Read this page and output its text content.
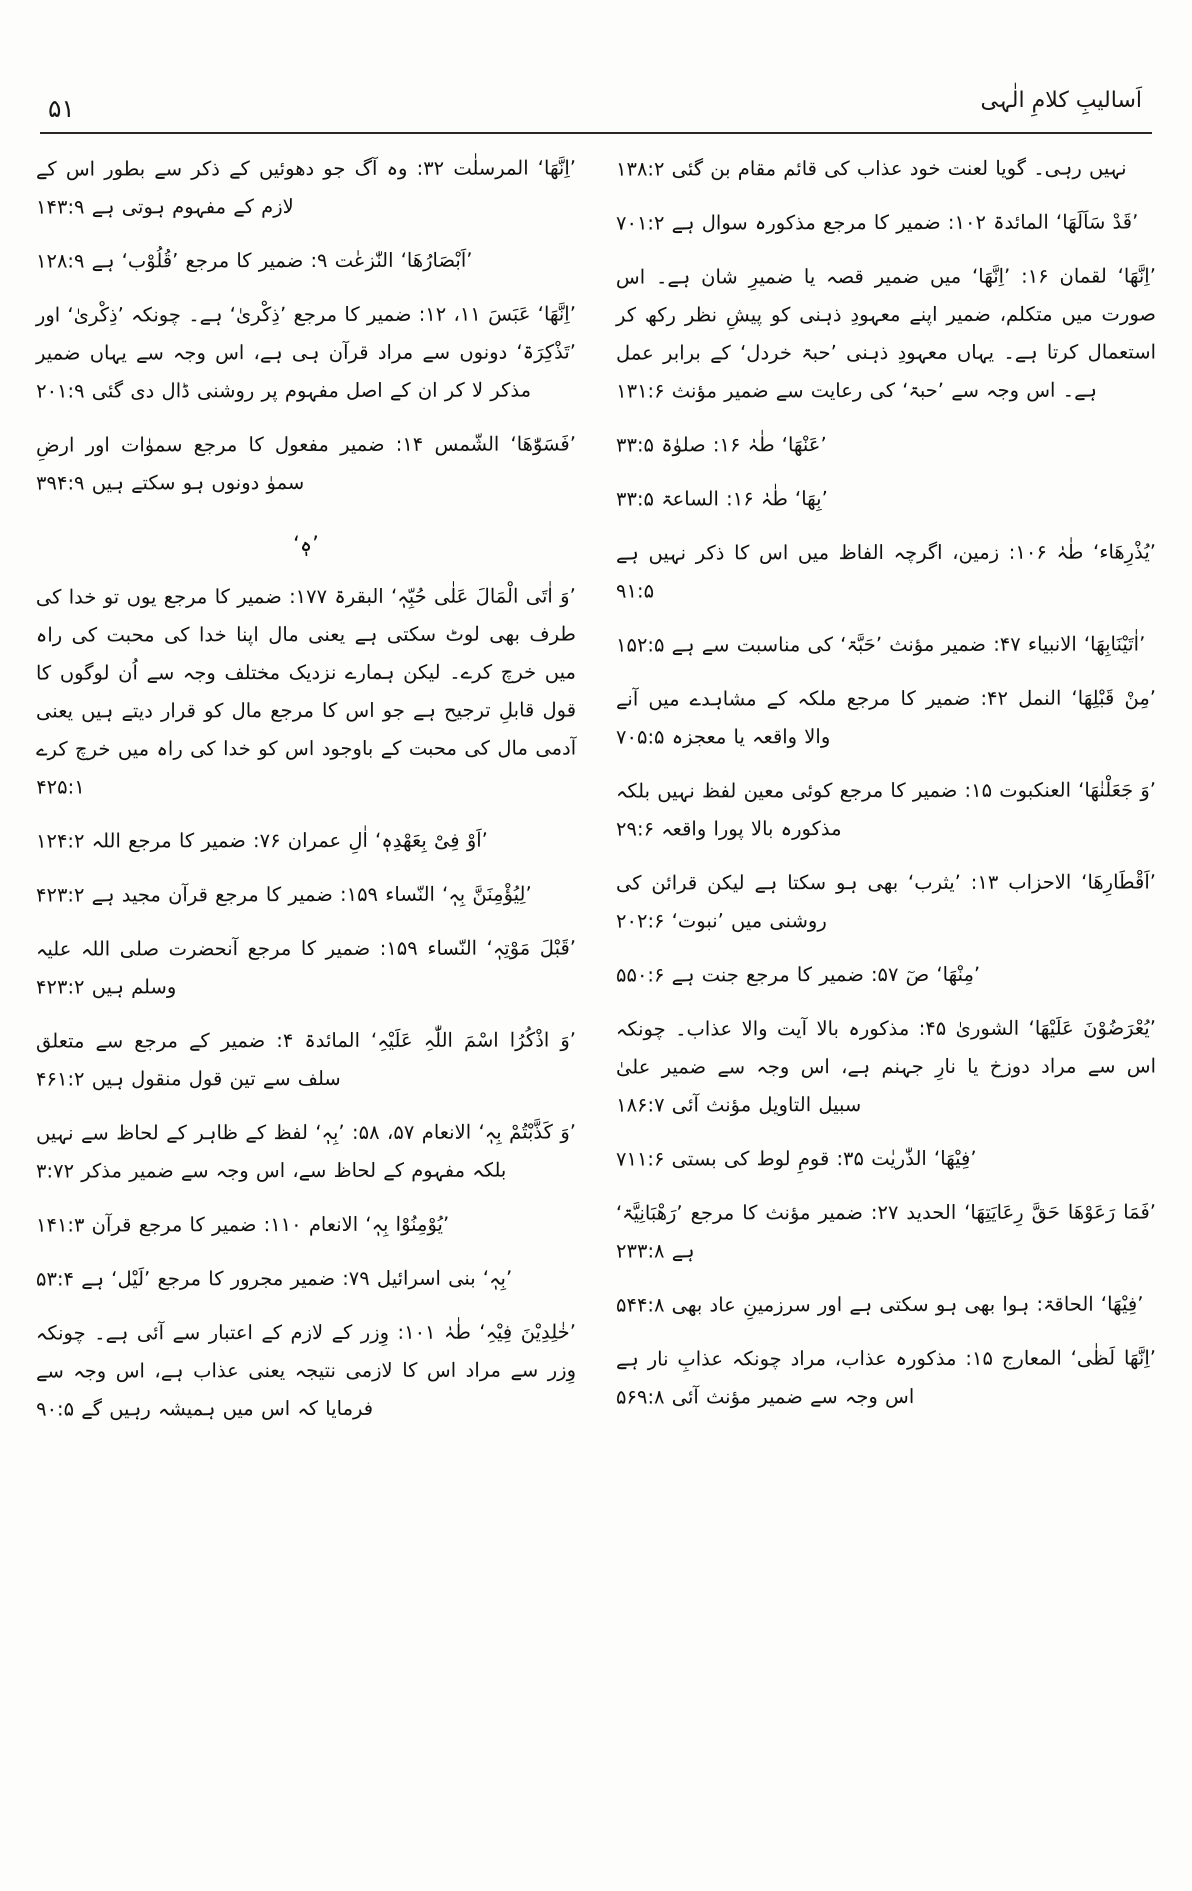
۵۱	اَسالیبِ کلامِ الٰہی

نہیں رہی۔ گویا لعنت خود عذاب کی قائم مقام بن گئی ۱۳۸:۲

’قَدْ سَاَلَھَا‘ المائدۃ ۱۰۲: ضمیر کا مرجع مذکورہ سوال ہے ۷۰۱:۲

’اِنَّھَا‘ لقمان ۱۶: ’اِنَّھَا‘ میں ضمیر قصہ یا ضمیرِ شان ہے۔ اس صورت میں متکلم، ضمیر اپنے معہودِ ذہنی کو پیشِ نظر رکھ کر استعمال کرتا ہے۔ یہاں معہودِ ذہنی ’حبۃ خردل‘ کے برابر عمل ہے۔ اس وجہ سے ’حبۃ‘ کی رعایت سے ضمیر مؤنث ۱۳۱:۶

’عَنْھَا‘ طٰہٰ ۱۶: صلوٰۃ ۳۳:۵

’بِھَا‘ طٰہٰ ۱۶: الساعۃ ۳۳:۵

’یُذْرِھَاء‘ طٰہٰ ۱۰۶: زمین، اگرچہ الفاظ میں اس کا ذکر نہیں ہے ۹۱:۵

’اٰتَیْنَابِھَا‘ الانبیاء ۴۷: ضمیر مؤنث ’حَبَّۃ‘ کی مناسبت سے ہے ۱۵۲:۵

’مِنْ قَبْلِھَا‘ النمل ۴۲: ضمیر کا مرجع ملکہ کے مشاہدے میں آنے والا واقعہ یا معجزہ ۷۰۵:۵

’وَ جَعَلْنٰھَا‘ العنکبوت ۱۵: ضمیر کا مرجع کوئی معین لفظ نہیں بلکہ مذکورہ بالا پورا واقعہ ۲۹:۶

’اَقْطَارِھَا‘ الاحزاب ۱۳: ’یثرب‘ بھی ہو سکتا ہے لیکن قرائن کی روشنی میں ’نبوت‘ ۲۰۲:۶

’مِنْھَا‘ صٓ ۵۷: ضمیر کا مرجع جنت ہے ۵۵۰:۶

’یُعْرَضُوْنَ عَلَیْھَا‘ الشوریٰ ۴۵: مذکورہ بالا آیت والا عذاب۔ چونکہ اس سے مراد دوزخ یا نارِ جہنم ہے، اس وجہ سے ضمیر علیٰ سبیل التاویل مؤنث آئی ۱۸۶:۷

’فِیْھَا‘ الذّٰریٰت ۳۵: قومِ لوط کی بستی ۷۱۱:۶

’فَمَا رَعَوْھَا حَقَّ رِعَایَتِھَا‘ الحدید ۲۷: ضمیر مؤنث کا مرجع ’رَھْبَانِیَّۃ‘ ہے ۲۳۳:۸

’فِیْھَا‘ الحاقۃ: ہوا بھی ہو سکتی ہے اور سرزمینِ عاد بھی ۵۴۴:۸

’اِنَّھَا لَظٰی‘ المعارج ۱۵: مذکورہ عذاب، مراد چونکہ عذابِ نار ہے اس وجہ سے ضمیر مؤنث آئی ۵۶۹:۸

’اِنَّھَا‘ المرسلٰت ۳۲: وہ آگ جو دھوئیں کے ذکر سے بطور اس کے لازم کے مفہوم ہوتی ہے ۱۴۳:۹

’اَبْصَارُھَا‘ النّٰزعٰت ۹: ضمیر کا مرجع ’قُلُوْب‘ ہے ۱۲۸:۹

’اِنَّھَا‘ عَبَسَ ۱۱، ۱۲: ضمیر کا مرجع ’ذِکْریٰ‘ ہے۔ چونکہ ’ذِکْریٰ‘ اور ’تَذْکِرَۃ‘ دونوں سے مراد قرآن ہی ہے، اس وجہ سے یہاں ضمیر مذکر لا کر ان کے اصل مفہوم پر روشنی ڈال دی گئی ۲۰۱:۹

’فَسَوّٰھَا‘ الشّمس ۱۴: ضمیر مفعول کا مرجع سموٰات اور ارضِ سموٰ دونوں ہو سکتے ہیں ۳۹۴:۹

’ہٖ‘

’وَ اٰتَی الْمَالَ عَلٰی حُبِّہٖ‘ البقرۃ ۱۷۷: ضمیر کا مرجع یوں تو خدا کی طرف بھی لوٹ سکتی ہے یعنی مال اپنا خدا کی محبت کی راہ میں خرچ کرے۔ لیکن ہمارے نزدیک مختلف وجہ سے اُن لوگوں کا قول قابلِ ترجیح ہے جو اس کا مرجع مال کو قرار دیتے ہیں یعنی آدمی مال کی محبت کے باوجود اس کو خدا کی راہ میں خرچ کرے ۴۲۵:۱

’اَوْ فِیْ بِعَھْدِہٖ‘ اٰلِ عمران ۷۶: ضمیر کا مرجع اللہ ۱۲۴:۲

’لِیُؤْمِنَنَّ بِہٖ‘ النّساء ۱۵۹: ضمیر کا مرجع قرآن مجید ہے ۴۲۳:۲

’قَبْلَ مَوْتِہٖ‘ النّساء ۱۵۹: ضمیر کا مرجع آنحضرت صلی اللہ علیہ وسلم ہیں ۴۲۳:۲

’وَ اذْکُرُا اسْمَ اللّٰہِ عَلَیْہِ‘ المائدۃ ۴: ضمیر کے مرجع سے متعلق سلف سے تین قول منقول ہیں ۴۶۱:۲

’وَ کَذَّبْتُمْ بِہٖ‘ الانعام ۵۷، ۵۸: ’بِہٖ‘ لفظ کے ظاہر کے لحاظ سے نہیں بلکہ مفہوم کے لحاظ سے، اس وجہ سے ضمیر مذکر ۳:۷۲

’یُوْمِنُوْا بِہٖ‘ الانعام ۱۱۰: ضمیر کا مرجع قرآن ۱۴۱:۳

’بِہٖ‘ بنی اسرائیل ۷۹: ضمیر مجرور کا مرجع ’لَیْل‘ ہے ۵۳:۴

’خٰلِدِیْنَ فِیْہِ‘ طٰہٰ ۱۰۱: وِزر کے لازم کے اعتبار سے آئی ہے۔ چونکہ وِزر سے مراد اس کا لازمی نتیجہ یعنی عذاب ہے، اس وجہ سے فرمایا کہ اس میں ہمیشہ رہیں گے ۹۰:۵
